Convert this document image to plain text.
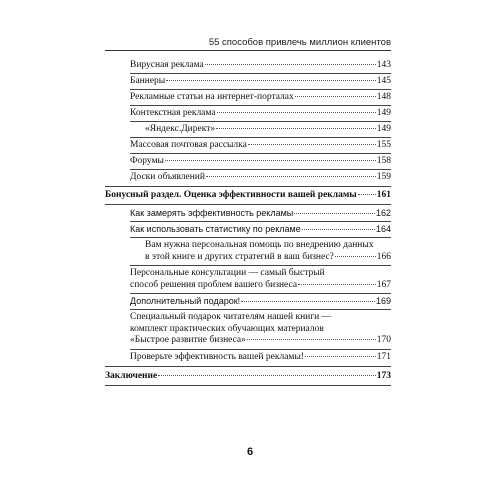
55 способов привлечь миллион клиентов
Вирусная реклама	143
Баннеры	145
Рекламные статьи на интернет-порталах	148
Контекстная реклама	149
«Яндекс.Директ»	149
Массовая почтовая рассылка	155
Форумы	158
Доски объявлений	159
Бонусный раздел. Оценка эффективности вашей рекламы 161
Как замерять эффективность рекламы	162
Как использовать статистику по рекламе	164
Вам нужна персональная помощь по внедрению данных
в этой книге и других стратегий в ваш бизнес?	166
Персональные консультации — самый быстрый
способ решения проблем вашего бизнеса	167
Дополнительный подарок!	169
Специальный подарок читателям нашей книги —
комплект практических обучающих материалов
«Быстрое развитие бизнеса»	170
Проверьте эффективность вашей рекламы!	171
Заключение	173
6
